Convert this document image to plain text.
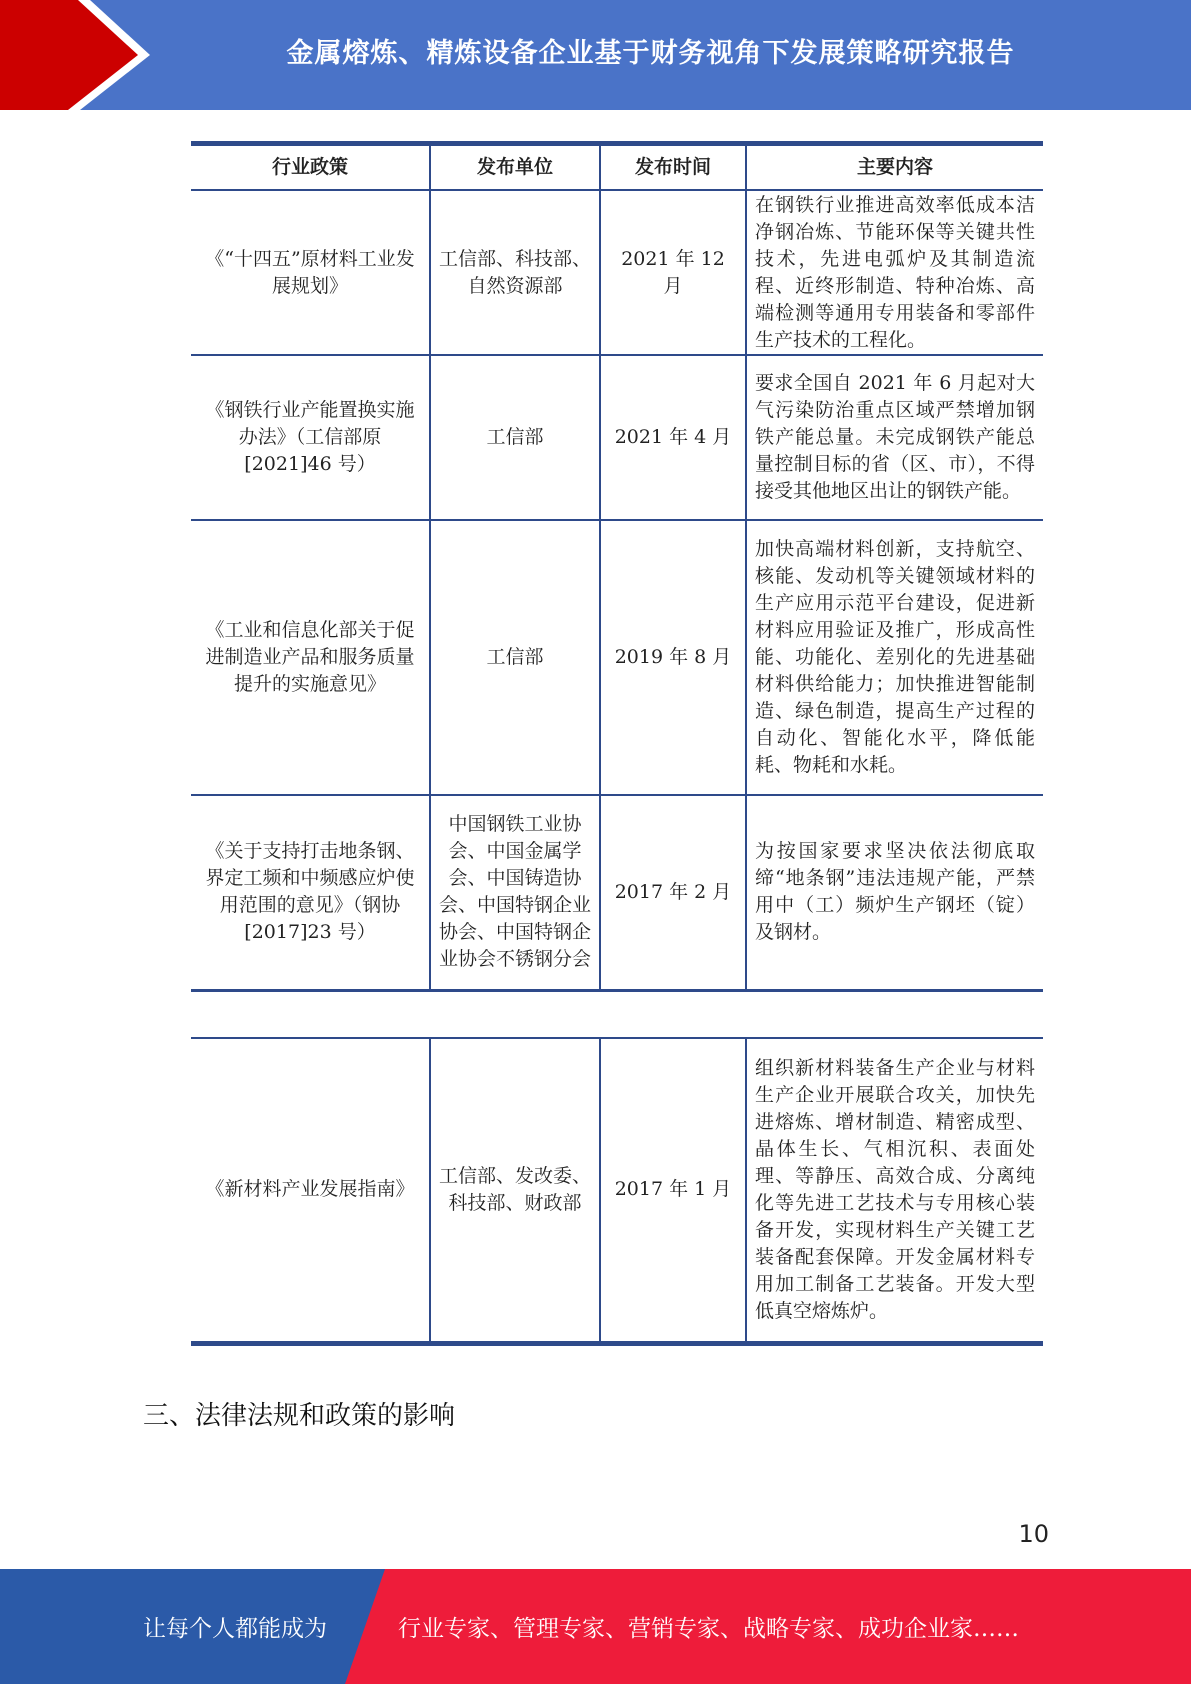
金属熔炼、精炼设备企业基于财务视角下发展策略研究报告
行业政策	发布单位	发布时间	主要内容
《“十四五”原材料工业发展规划》	工信部、科技部、自然资源部	2021 年 12 月	在钢铁行业推进高效率低成本洁净钢冶炼、节能环保等关键共性技术，先进电弧炉及其制造流程、近终形制造、特种冶炼、高端检测等通用专用装备和零部件生产技术的工程化。
《钢铁行业产能置换实施办法》（工信部原[2021]46 号）	工信部	2021 年 4 月	要求全国自 2021 年 6 月起对大气污染防治重点区域严禁增加钢铁产能总量。未完成钢铁产能总量控制目标的省（区、市），不得接受其他地区出让的钢铁产能。
《工业和信息化部关于促进制造业产品和服务质量提升的实施意见》	工信部	2019 年 8 月	加快高端材料创新，支持航空、核能、发动机等关键领域材料的生产应用示范平台建设，促进新材料应用验证及推广，形成高性能、功能化、差别化的先进基础材料供给能力；加快推进智能制造、绿色制造，提高生产过程的自动化、智能化水平，降低能耗、物耗和水耗。
《关于支持打击地条钢、界定工频和中频感应炉使用范围的意见》（钢协[2017]23 号）	中国钢铁工业协会、中国金属学会、中国铸造协会、中国特钢企业协会、中国特钢企业协会不锈钢分会	2017 年 2 月	为按国家要求坚决依法彻底取缔“地条钢”违法违规产能，严禁用中（工）频炉生产钢坯（锭）及钢材。
《新材料产业发展指南》	工信部、发改委、科技部、财政部	2017 年 1 月	组织新材料装备生产企业与材料生产企业开展联合攻关，加快先进熔炼、增材制造、精密成型、晶体生长、气相沉积、表面处理、等静压、高效合成、分离纯化等先进工艺技术与专用核心装备开发，实现材料生产关键工艺装备配套保障。开发金属材料专用加工制备工艺装备。开发大型低真空熔炼炉。
三、法律法规和政策的影响
10
让每个人都能成为	行业专家、管理专家、营销专家、战略专家、成功企业家……
